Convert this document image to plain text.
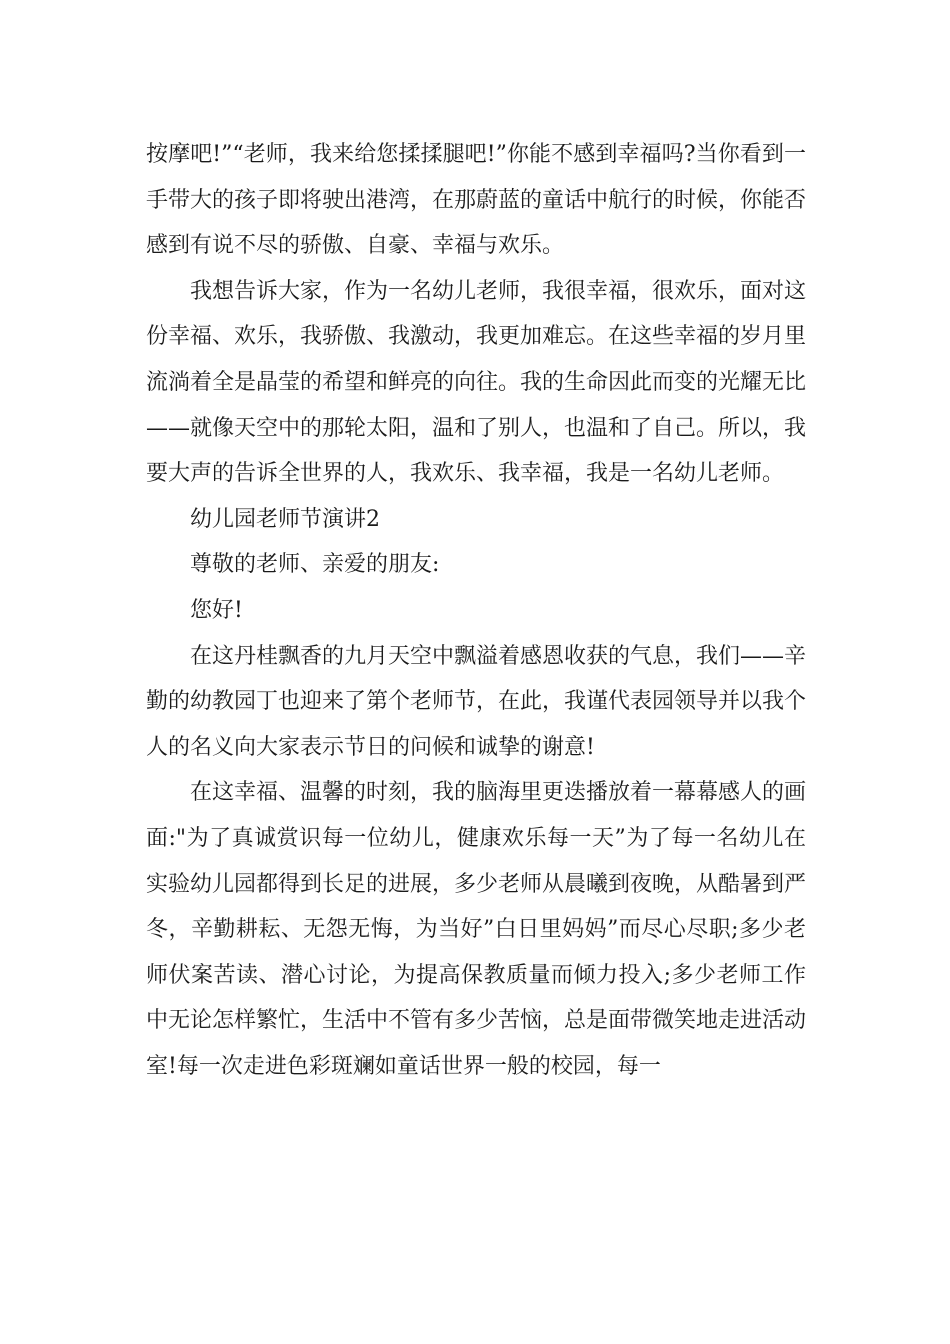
按摩吧!”“老师，我来给您揉揉腿吧!”你能不感到幸福吗?当你看到一手带大的孩子即将驶出港湾，在那蔚蓝的童话中航行的时候，你能否感到有说不尽的骄傲、自豪、幸福与欢乐。

我想告诉大家，作为一名幼儿老师，我很幸福，很欢乐，面对这份幸福、欢乐，我骄傲、我激动，我更加难忘。在这些幸福的岁月里流淌着全是晶莹的希望和鲜亮的向往。我的生命因此而变的光耀无比——就像天空中的那轮太阳，温和了别人，也温和了自己。所以，我要大声的告诉全世界的人，我欢乐、我幸福，我是一名幼儿老师。

幼儿园老师节演讲2

尊敬的老师、亲爱的朋友:

您好!

在这丹桂飘香的九月天空中飘溢着感恩收获的气息，我们——辛勤的幼教园丁也迎来了第个老师节，在此，我谨代表园领导并以我个人的名义向大家表示节日的问候和诚挚的谢意!

在这幸福、温馨的时刻，我的脑海里更迭播放着一幕幕感人的画面:"为了真诚赏识每一位幼儿，健康欢乐每一天”为了每一名幼儿在实验幼儿园都得到长足的进展，多少老师从晨曦到夜晚，从酷暑到严冬，辛勤耕耘、无怨无悔，为当好”白日里妈妈”而尽心尽职;多少老师伏案苦读、潜心讨论，为提高保教质量而倾力投入;多少老师工作中无论怎样繁忙，生活中不管有多少苦恼，总是面带微笑地走进活动室!每一次走进色彩斑斓如童话世界一般的校园，每一
